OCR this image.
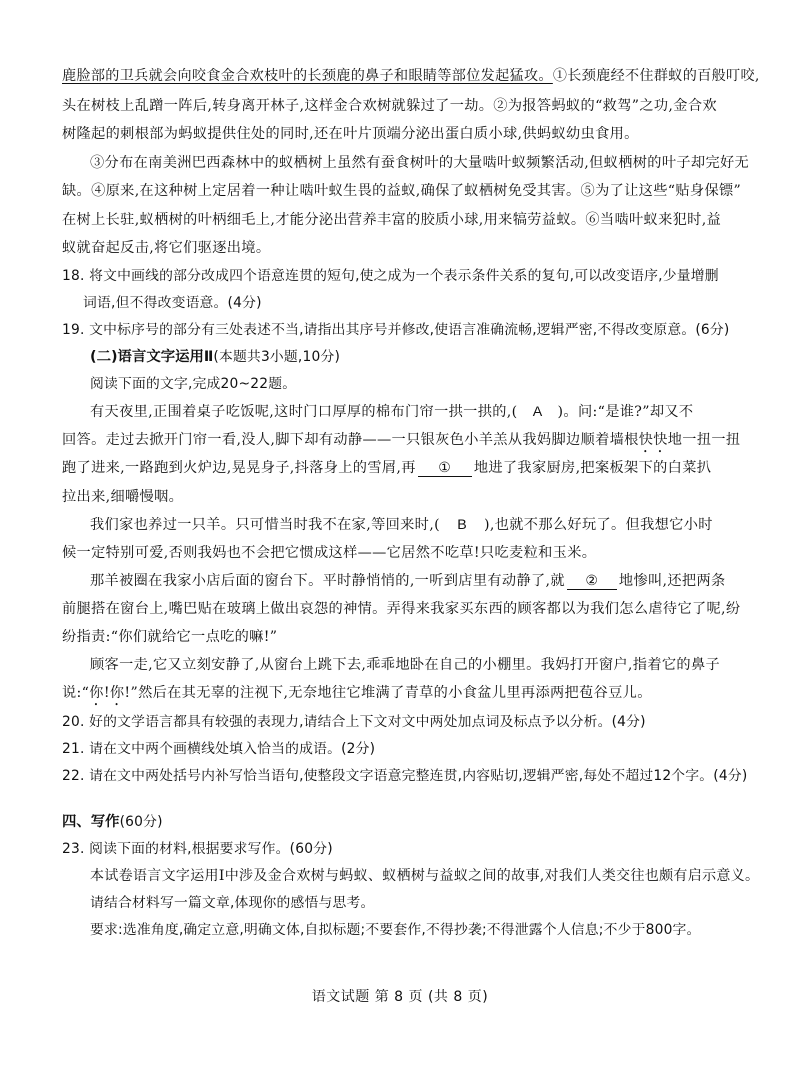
鹿脸部的卫兵就会向咬食金合欢枝叶的长颈鹿的鼻子和眼睛等部位发起猛攻。①长颈鹿经不住群蚁的百般叮咬,

头在树枝上乱蹭一阵后,转身离开林子,这样金合欢树就躲过了一劫。②为报答蚂蚁的“救驾”之功,金合欢

树隆起的刺根部为蚂蚁提供住处的同时,还在叶片顶端分泌出蛋白质小球,供蚂蚁幼虫食用。

③分布在南美洲巴西森林中的蚁栖树上虽然有蚕食树叶的大量啮叶蚁频繁活动,但蚁栖树的叶子却完好无

缺。④原来,在这种树上定居着一种让啮叶蚁生畏的益蚁,确保了蚁栖树免受其害。⑤为了让这些“贴身保镖”

在树上长驻,蚁栖树的叶柄细毛上,才能分泌出营养丰富的胶质小球,用来犒劳益蚁。⑥当啮叶蚁来犯时,益

蚁就奋起反击,将它们驱逐出境。

18. 将文中画线的部分改成四个语意连贯的短句,使之成为一个表示条件关系的复句,可以改变语序,少量增删

词语,但不得改变语意。(4分)

19. 文中标序号的部分有三处表述不当,请指出其序号并修改,使语言准确流畅,逻辑严密,不得改变原意。(6分)

(二)语言文字运用Ⅱ(本题共3小题,10分)

阅读下面的文字,完成20~22题。

有天夜里,正围着桌子吃饭呢,这时门口厚厚的棉布门帘一拱一拱的,( A )。问:“是谁?”却又不

回答。走过去掀开门帘一看,没人,脚下却有动静——一只银灰色小羊羔从我妈脚边顺着墙根快快地一扭一扭

跑了进来,一路跑到火炉边,晃晃身子,抖落身上的雪屑,再 ① 地进了我家厨房,把案板架下的白菜扒

拉出来,细嚼慢咽。

我们家也养过一只羊。只可惜当时我不在家,等回来时,( B ),也就不那么好玩了。但我想它小时

候一定特别可爱,否则我妈也不会把它惯成这样——它居然不吃草!只吃麦粒和玉米。

那羊被圈在我家小店后面的窗台下。平时静悄悄的,一听到店里有动静了,就 ② 地惨叫,还把两条

前腿搭在窗台上,嘴巴贴在玻璃上做出哀怨的神情。弄得来我家买东西的顾客都以为我们怎么虐待它了呢,纷

纷指责:“你们就给它一点吃的嘛!”

顾客一走,它又立刻安静了,从窗台上跳下去,乖乖地卧在自己的小棚里。我妈打开窗户,指着它的鼻子

说:“你!你!”然后在其无辜的注视下,无奈地往它堆满了青草的小食盆儿里再添两把苞谷豆儿。

20. 好的文学语言都具有较强的表现力,请结合上下文对文中两处加点词及标点予以分析。(4分)

21. 请在文中两个画横线处填入恰当的成语。(2分)

22. 请在文中两处括号内补写恰当语句,使整段文字语意完整连贯,内容贴切,逻辑严密,每处不超过12个字。(4分)

四、写作(60分)

23. 阅读下面的材料,根据要求写作。(60分)

本试卷语言文字运用Ⅰ中涉及金合欢树与蚂蚁、蚁栖树与益蚁之间的故事,对我们人类交往也颇有启示意义。

请结合材料写一篇文章,体现你的感悟与思考。

要求:选准角度,确定立意,明确文体,自拟标题;不要套作,不得抄袭;不得泄露个人信息;不少于800字。

语文试题 第 8 页 (共 8 页)
